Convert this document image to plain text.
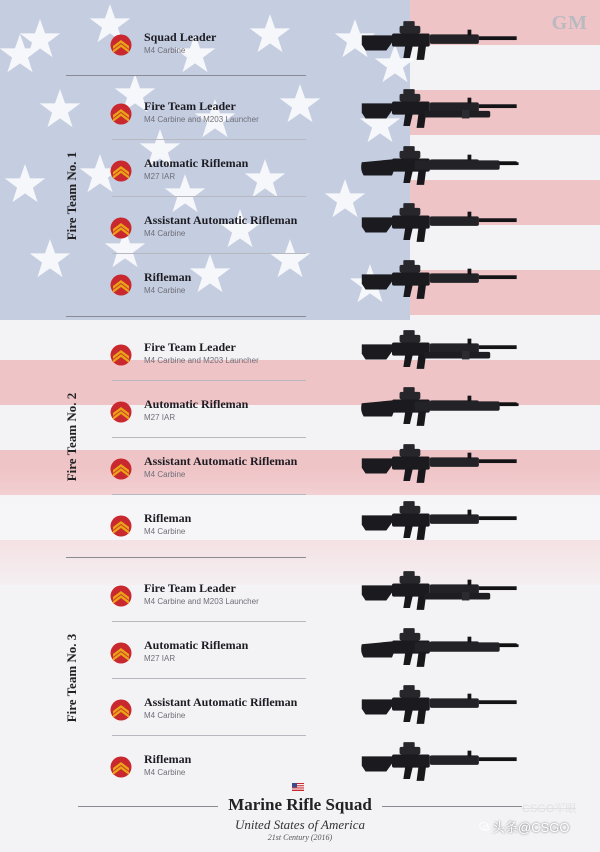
GM
Fire Team No. 1
Fire Team No. 2
Fire Team No. 3
Squad Leader
M4 Carbine
Fire Team Leader
M4 Carbine and M203 Launcher
Automatic Rifleman
M27 IAR
Assistant Automatic Rifleman
M4 Carbine
Rifleman
M4 Carbine
Fire Team Leader
M4 Carbine and M203 Launcher
Automatic Rifleman
M27 IAR
Assistant Automatic Rifleman
M4 Carbine
Rifleman
M4 Carbine
Fire Team Leader
M4 Carbine and M203 Launcher
Automatic Rifleman
M27 IAR
Assistant Automatic Rifleman
M4 Carbine
Rifleman
M4 Carbine
Marine Rifle Squad
United States of America
21st Century (2016)
CSGO军眼
头条@CSGO
